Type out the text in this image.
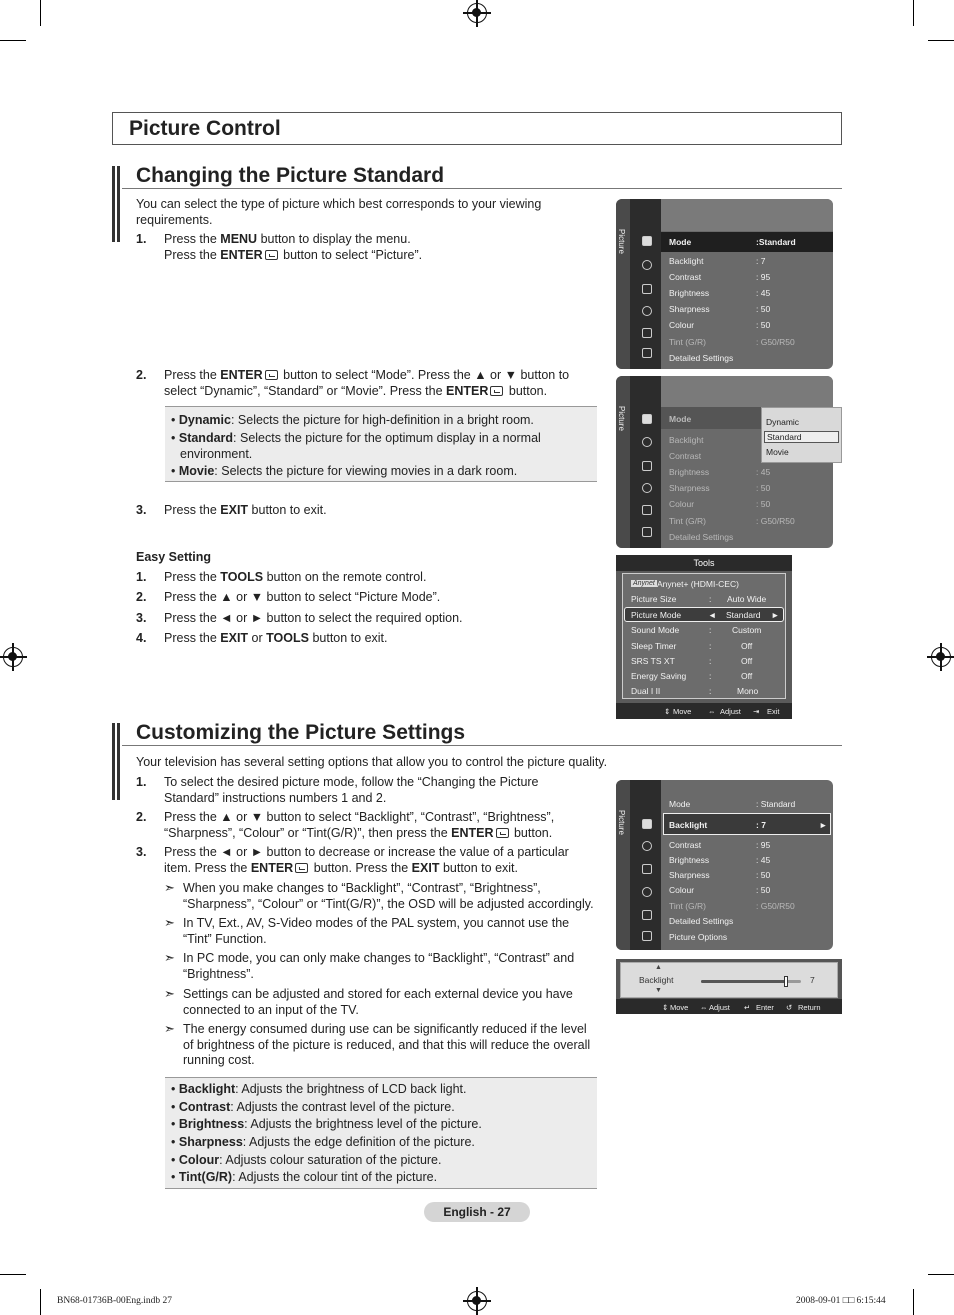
Picture Control
Changing the Picture Standard
You can select the type of picture which best corresponds to your viewing requirements.
1. Press the MENU button to display the menu.
Press the ENTER button to select “Picture”.
2. Press the ENTER button to select “Mode”. Press the ▲ or ▼ button to
select “Dynamic”, “Standard” or “Movie”. Press the ENTER button.
• Dynamic: Selects the picture for high-definition in a bright room.
• Standard: Selects the picture for the optimum display in a normal
environment.
• Movie: Selects the picture for viewing movies in a dark room.
3. Press the EXIT button to exit.
Easy Setting
1. Press the TOOLS button on the remote control.
2. Press the ▲ or ▼ button to select “Picture Mode”.
3. Press the ◄ or ► button to select the required option.
4. Press the EXIT or TOOLS button to exit.
Picture	Mode	:Standard
Backlight	: 7
Contrast	: 95
Brightness	: 45
Sharpness	: 50
Colour	: 50
Tint (G/R)	: G50/R50
Detailed Settings
Picture	Mode
Backlight
Contrast
Brightness	: 45
Sharpness	: 50
Colour	: 50
Tint (G/R)	: G50/R50
Detailed Settings
Dynamic
Standard
Movie
Tools
Anynet Anynet+ (HDMI-CEC)
Picture Size	: Auto Wide
Picture Mode	◄ Standard ►
Sound Mode	: Custom
Sleep Timer	:	Off
SRS TS XT	:	Off
Energy Saving	:	Off
Dual I II	:	Mono
⇕ Move ⇔ Adjust ⇥ Exit
Customizing the Picture Settings
Your television has several setting options that allow you to control the picture quality.
1. To select the desired picture mode, follow the “Changing the Picture
Standard” instructions numbers 1 and 2.
2. Press the ▲ or ▼ button to select “Backlight”, “Contrast”, “Brightness”,
“Sharpness”, “Colour” or “Tint(G/R)”, then press the ENTER button.
3. Press the ◄ or ► button to decrease or increase the value of a particular
item. Press the ENTER button. Press the EXIT button to exit.
➣ When you make changes to “Backlight”, “Contrast”, “Brightness”,
“Sharpness”, “Colour” or “Tint(G/R)”, the OSD will be adjusted accordingly.
➣ In TV, Ext., AV, S-Video modes of the PAL system, you cannot use the
“Tint” Function.
➣ In PC mode, you can only make changes to “Backlight”, “Contrast” and
“Brightness”.
➣ Settings can be adjusted and stored for each external device you have
connected to an input of the TV.
➣ The energy consumed during use can be significantly reduced if the level
of brightness of the picture is reduced, and that this will reduce the overall
running cost.
• Backlight: Adjusts the brightness of LCD back light.
• Contrast: Adjusts the contrast level of the picture.
• Brightness: Adjusts the brightness level of the picture.
• Sharpness: Adjusts the edge definition of the picture.
• Colour: Adjusts colour saturation of the picture.
• Tint(G/R): Adjusts the colour tint of the picture.
Picture
Mode	: Standard
Backlight	: 7	►
Contrast	: 95
Brightness	: 45
Sharpness	: 50
Colour	: 50
Tint (G/R)	: G50/R50
Detailed Settings
Picture Options
▲
Backlight
▼
7
⇕ Move ⇔ Adjust ↵ Enter ↺ Return
English - 27
BN68-01736B-00Eng.indb 27	2008-09-01 □□ 6:15:44
